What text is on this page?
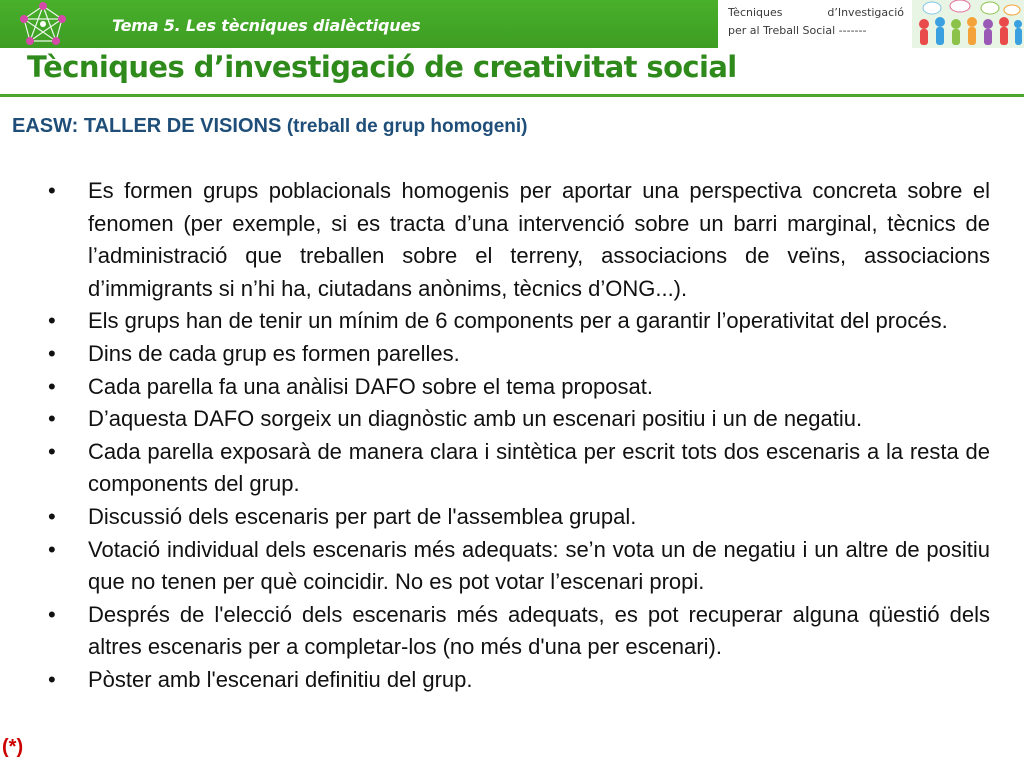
Tema 5. Les tècniques dialèctiques
Tècniques	d’Investigació
per al Treball Social -------
Tècniques d’investigació de creativitat social
EASW: TALLER DE VISIONS (treball de grup homogeni)
• Es formen grups poblacionals homogenis per aportar una perspectiva concreta sobre el fenomen (per exemple, si es tracta d’una intervenció sobre un barri marginal, tècnics de l’administració que treballen sobre el terreny, associacions de veïns, associacions d’immigrants si n’hi ha, ciutadans anònims, tècnics d’ONG...).
• Els grups han de tenir un mínim de 6 components per a garantir l’operativitat del procés.
• Dins de cada grup es formen parelles.
• Cada parella fa una anàlisi DAFO sobre el tema proposat.
• D’aquesta DAFO sorgeix un diagnòstic amb un escenari positiu i un de negatiu.
• Cada parella exposarà de manera clara i sintètica per escrit tots dos escenaris a la resta de components del grup.
• Discussió dels escenaris per part de l'assemblea grupal.
• Votació individual dels escenaris més adequats: se’n vota un de negatiu i un altre de positiu que no tenen per què coincidir. No es pot votar l’escenari propi.
• Després de l'elecció dels escenaris més adequats, es pot recuperar alguna qüestió dels altres escenaris per a completar-los (no més d'una per escenari).
• Pòster amb l'escenari definitiu del grup.
(*)
